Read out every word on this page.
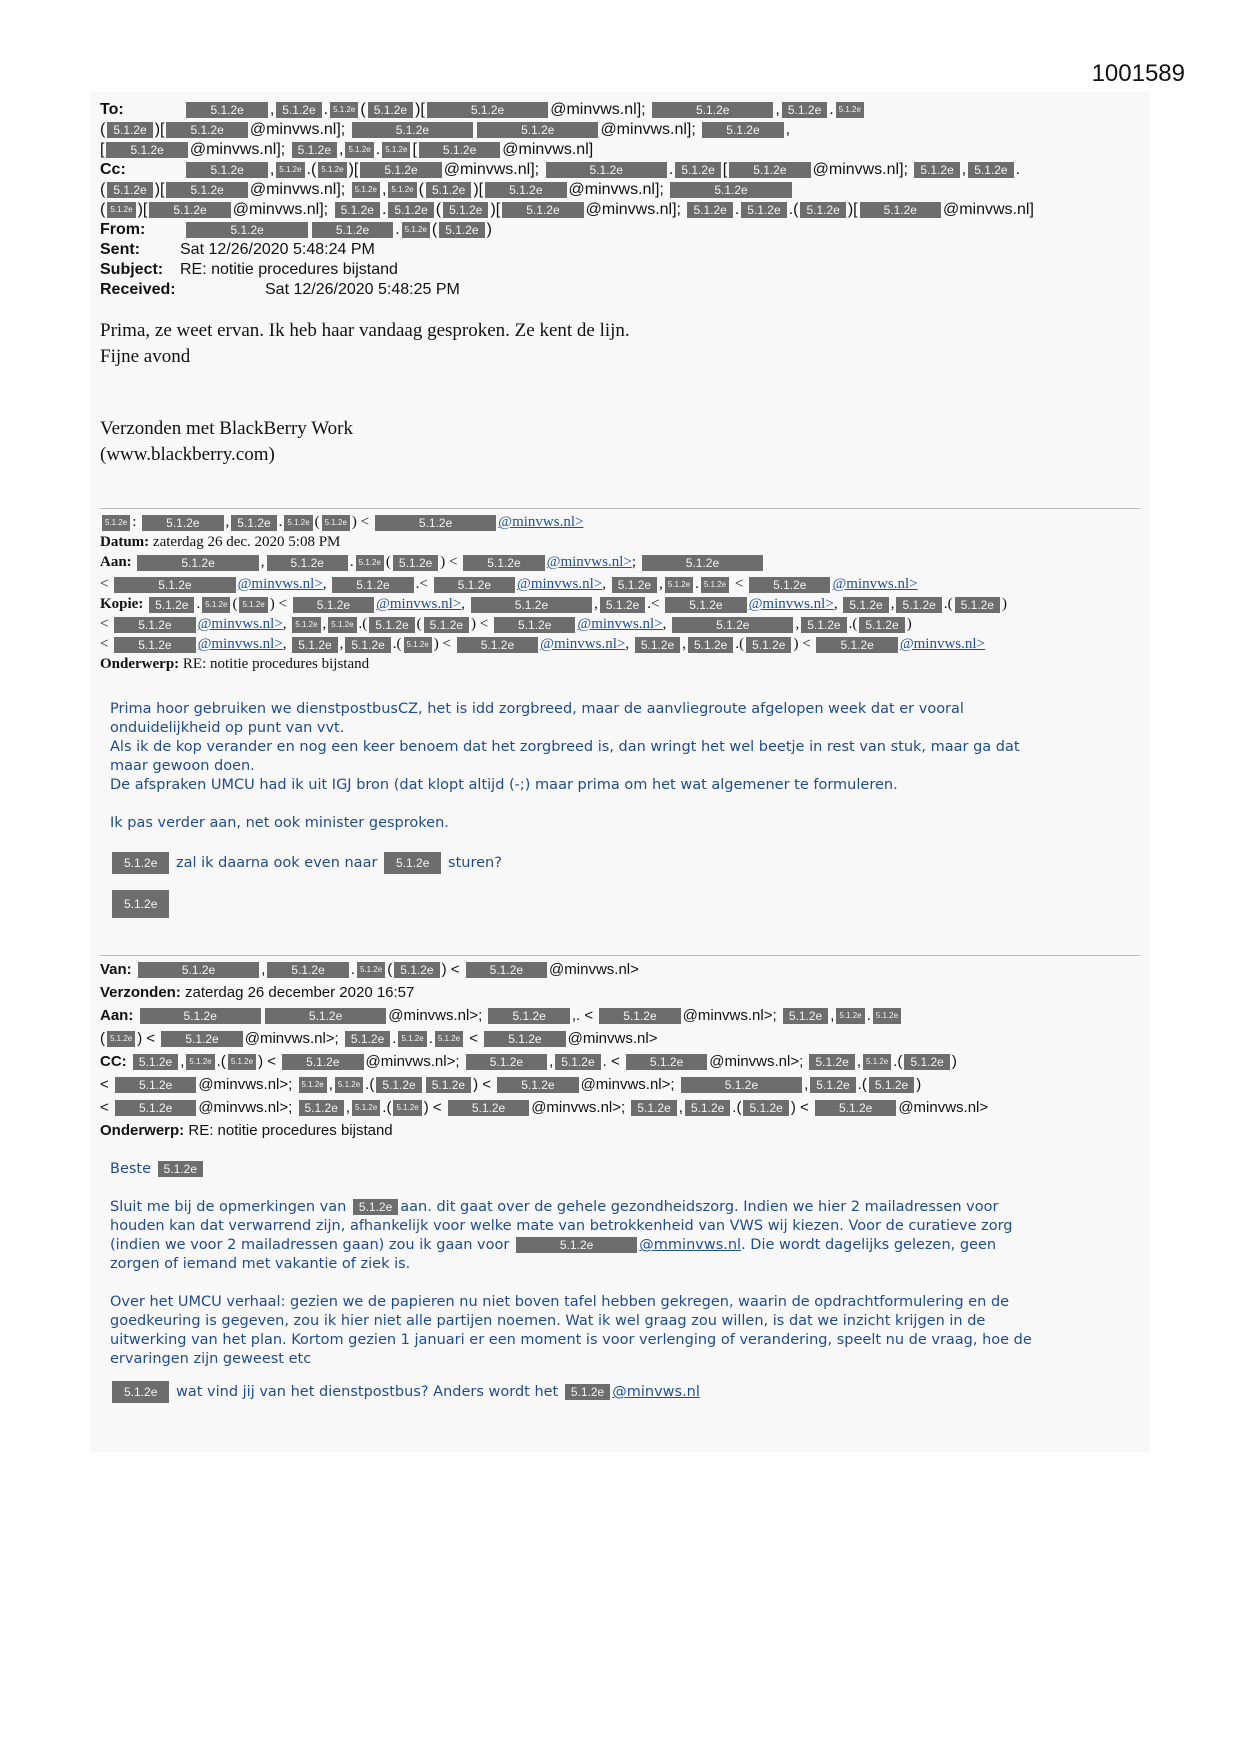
1001589
To:	5.1.2e , 5.1.2e . 5.1.2e ( 5.1.2e )[	5.1.2e	@minvws.nl];	5.1.2e	, 5.1.2e . 5.1.2e
( 5.1.2e )[ 5.1.2e @minvws.nl];	5.1.2e	5.1.2e	@minvws.nl]; 5.1.2e ,
[ 5.1.2e @minvws.nl]; 5.1.2e , 5.1.2e . 5.1.2e [ 5.1.2e @minvws.nl]
Cc:	5.1.2e , 5.1.2e .( 5.1.2e )[ 5.1.2e @minvws.nl];	5.1.2e	. 5.1.2e [ 5.1.2e @minvws.nl]; 5.1.2e , 5.1.2e .
( 5.1.2e )[ 5.1.2e @minvws.nl]; 5.1.2e , 5.1.2e ( 5.1.2e )[ 5.1.2e @minvws.nl];	5.1.2e
( 5.1.2e )[ 5.1.2e @minvws.nl]; 5.1.2e . 5.1.2e ( 5.1.2e )[ 5.1.2e @minvws.nl]; 5.1.2e . 5.1.2e .( 5.1.2e )[ 5.1.2e @minvws.nl]
From:	5.1.2e	5.1.2e . 5.1.2e ( 5.1.2e )
Sent:	Sat 12/26/2020 5:48:24 PM
Subject: RE: notitie procedures bijstand
Received:	Sat 12/26/2020 5:48:25 PM
Prima, ze weet ervan. Ik heb haar vandaag gesproken. Ze kent de lijn.
Fijne avond
Verzonden met BlackBerry Work
(www.blackberry.com)
5.1.2e : 5.1.2e , 5.1.2e . 5.1.2e ( 5.1.2e ) <	5.1.2e	@minvws.nl>
Datum: zaterdag 26 dec. 2020 5:08 PM
Aan:	5.1.2e	, 5.1.2e . 5.1.2e ( 5.1.2e ) < 5.1.2e @minvws.nl>;	5.1.2e
<	5.1.2e	@minvws.nl>, 5.1.2e .< 5.1.2e @minvws.nl>, 5.1.2e , 5.1.2e . 5.1.2e < 5.1.2e @minvws.nl>
Kopie: 5.1.2e . 5.1.2e ( 5.1.2e ) < 5.1.2e @minvws.nl>,	5.1.2e	, 5.1.2e .< 5.1.2e @minvws.nl>, 5.1.2e , 5.1.2e .( 5.1.2e )
< 5.1.2e @minvws.nl>, 5.1.2e , 5.1.2e .( 5.1.2e ( 5.1.2e ) < 5.1.2e @minvws.nl>,	5.1.2e	, 5.1.2e .( 5.1.2e )
< 5.1.2e @minvws.nl>, 5.1.2e , 5.1.2e .( 5.1.2e ) < 5.1.2e @minvws.nl>, 5.1.2e , 5.1.2e .( 5.1.2e ) < 5.1.2e @minvws.nl>
Onderwerp: RE: notitie procedures bijstand
Prima hoor gebruiken we dienstpostbusCZ, het is idd zorgbreed, maar de aanvliegroute afgelopen week dat er vooral
onduidelijkheid op punt van vvt.
Als ik de kop verander en nog een keer benoem dat het zorgbreed is, dan wringt het wel beetje in rest van stuk, maar ga dat
maar gewoon doen.
De afspraken UMCU had ik uit IGJ bron (dat klopt altijd (-;) maar prima om het wat algemener te formuleren.
Ik pas verder aan, net ook minister gesproken.
5.1.2e zal ik daarna ook even naar 5.1.2e sturen?
5.1.2e
Van:	5.1.2e	, 5.1.2e . 5.1.2e ( 5.1.2e ) < 5.1.2e @minvws.nl>
Verzonden: zaterdag 26 december 2020 16:57
Aan:	5.1.2e	5.1.2e	@minvws.nl>; 5.1.2e ,. < 5.1.2e @minvws.nl>; 5.1.2e , 5.1.2e . 5.1.2e
( 5.1.2e ) < 5.1.2e @minvws.nl>; 5.1.2e . 5.1.2e . 5.1.2e < 5.1.2e @minvws.nl>
CC: 5.1.2e , 5.1.2e .( 5.1.2e ) < 5.1.2e @minvws.nl>; 5.1.2e , 5.1.2e . < 5.1.2e @minvws.nl>; 5.1.2e , 5.1.2e .( 5.1.2e )
< 5.1.2e @minvws.nl>; 5.1.2e , 5.1.2e .( 5.1.2e 5.1.2e ) < 5.1.2e @minvws.nl>;	5.1.2e	, 5.1.2e .( 5.1.2e )
< 5.1.2e @minvws.nl>; 5.1.2e , 5.1.2e .( 5.1.2e ) < 5.1.2e @minvws.nl>; 5.1.2e , 5.1.2e .( 5.1.2e ) < 5.1.2e @minvws.nl>
Onderwerp: RE: notitie procedures bijstand
Beste 5.1.2e
Sluit me bij de opmerkingen van 5.1.2e aan. dit gaat over de gehele gezondheidszorg. Indien we hier 2 mailadressen voor
houden kan dat verwarrend zijn, afhankelijk voor welke mate van betrokkenheid van VWS wij kiezen. Voor de curatieve zorg
(indien we voor 2 mailadressen gaan) zou ik gaan voor	5.1.2e	@mminvws.nl. Die wordt dagelijks gelezen, geen
zorgen of iemand met vakantie of ziek is.
Over het UMCU verhaal: gezien we de papieren nu niet boven tafel hebben gekregen, waarin de opdrachtformulering en de
goedkeuring is gegeven, zou ik hier niet alle partijen noemen. Wat ik wel graag zou willen, is dat we inzicht krijgen in de
uitwerking van het plan. Kortom gezien 1 januari er een moment is voor verlenging of verandering, speelt nu de vraag, hoe de
ervaringen zijn geweest etc
5.1.2e wat vind jij van het dienstpostbus? Anders wordt het 5.1.2e @minvws.nl
